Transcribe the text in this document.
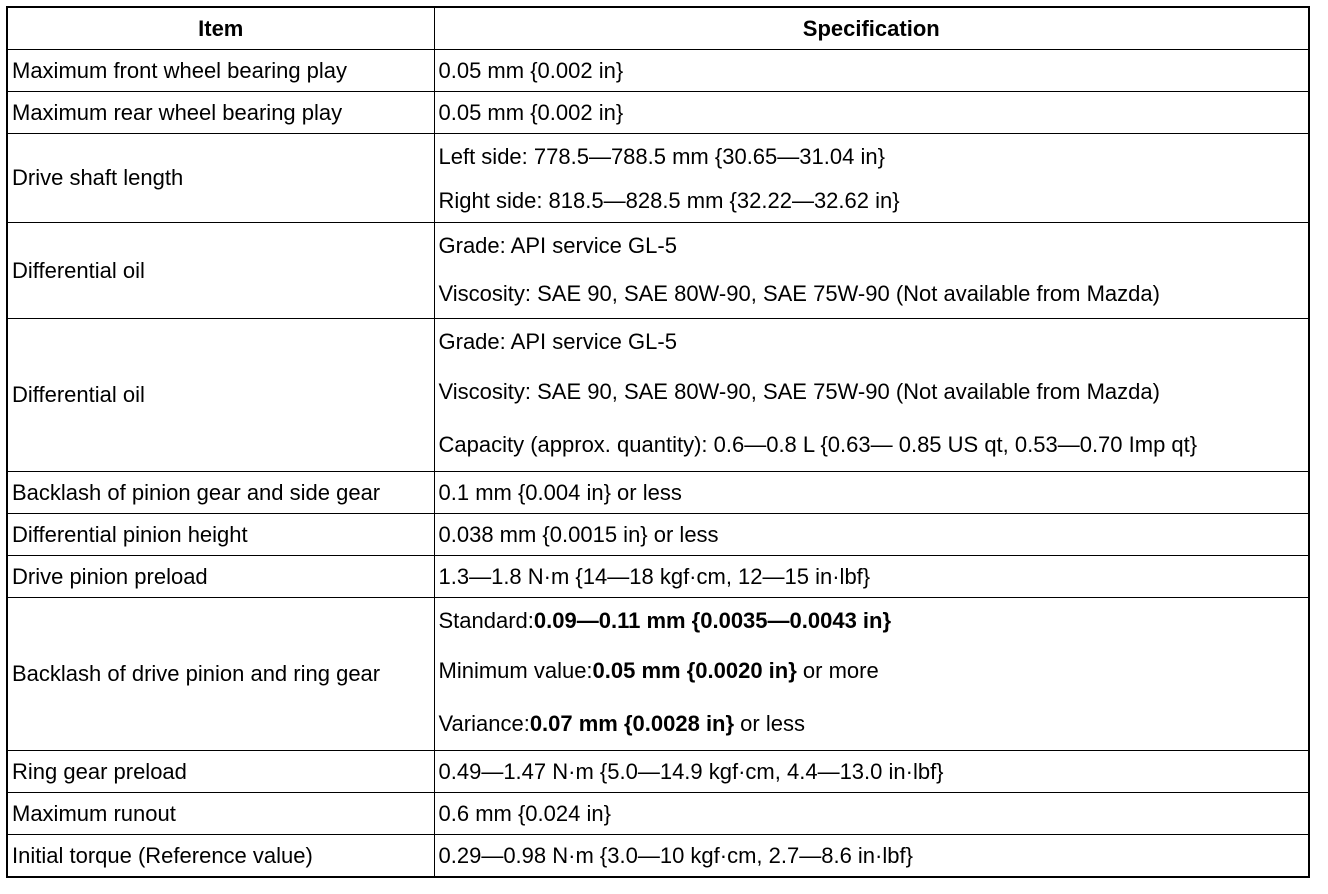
Item	Specification
Maximum front wheel bearing play	0.05 mm {0.002 in}
Maximum rear wheel bearing play	0.05 mm {0.002 in}
Drive shaft length	Left side: 778.5—788.5 mm {30.65—31.04 in}
Right side: 818.5—828.5 mm {32.22—32.62 in}

Differential oil	Grade: API service GL-5
Viscosity: SAE 90, SAE 80W-90, SAE 75W-90 (Not available from Mazda)

Differential oil	Grade: API service GL-5
Viscosity: SAE 90, SAE 80W-90, SAE 75W-90 (Not available from Mazda)
Capacity (approx. quantity): 0.6—0.8 L {0.63— 0.85 US qt, 0.53—0.70 Imp qt}

Backlash of pinion gear and side gear	0.1 mm {0.004 in} or less
Differential pinion height	0.038 mm {0.0015 in} or less
Drive pinion preload	1.3—1.8 N·m {14—18 kgf·cm, 12—15 in·lbf}
Backlash of drive pinion and ring gear	Standard:0.09—0.11 mm {0.0035—0.0043 in}
Minimum value:0.05 mm {0.0020 in} or more
Variance:0.07 mm {0.0028 in} or less

Ring gear preload	0.49—1.47 N·m {5.0—14.9 kgf·cm, 4.4—13.0 in·lbf}
Maximum runout	0.6 mm {0.024 in}
Initial torque (Reference value)	0.29—0.98 N·m {3.0—10 kgf·cm, 2.7—8.6 in·lbf}
